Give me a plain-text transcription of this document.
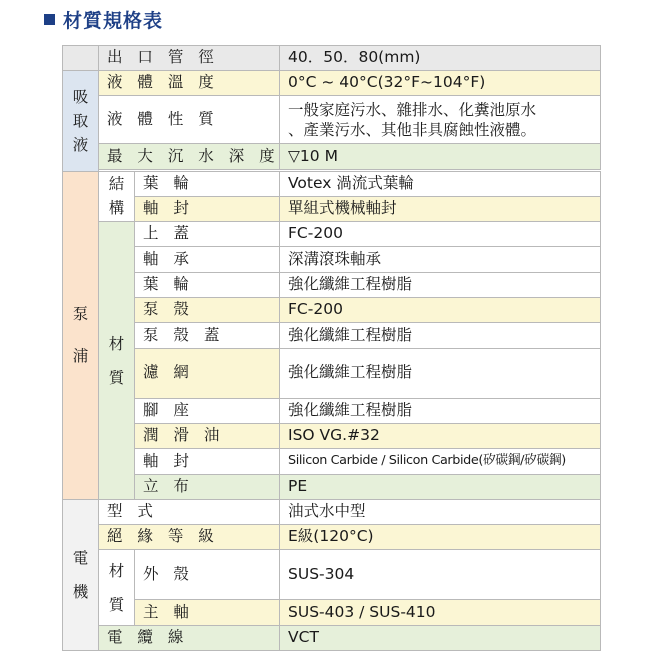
材質規格表
	出 口 管 徑		40．50．80(mm)

吸
取
液	液 體 溫 度		0°C ~ 40°C(32°F~104°F)
	液 體 性 質		一般家庭污水、雜排水、化糞池原水
、產業污水、其他非具腐蝕性液體。

	最 大 沉 水 深 度		▽10 M

泵
浦	結
構	葉 輪	Votex 渦流式葉輪
		軸 封	單組式機械軸封

	材
質	上 蓋	FC-200
		軸 承	深溝滾珠軸承
		葉 輪	強化纖維工程樹脂
		泵 殼	FC-200
		泵 殼 蓋	強化纖維工程樹脂
		濾 網	強化纖維工程樹脂
		腳 座	強化纖維工程樹脂
		潤 滑 油	ISO VG.#32
		軸 封	Silicon Carbide / Silicon Carbide(矽碳鋼/矽碳鋼)
		立 布	PE

電
機	型 式		油式水中型
	絕 緣 等 級		E級(120°C)

	材
質	外 殼	SUS-304
		主 軸	SUS-403 / SUS-410
	電 纜 線		VCT
